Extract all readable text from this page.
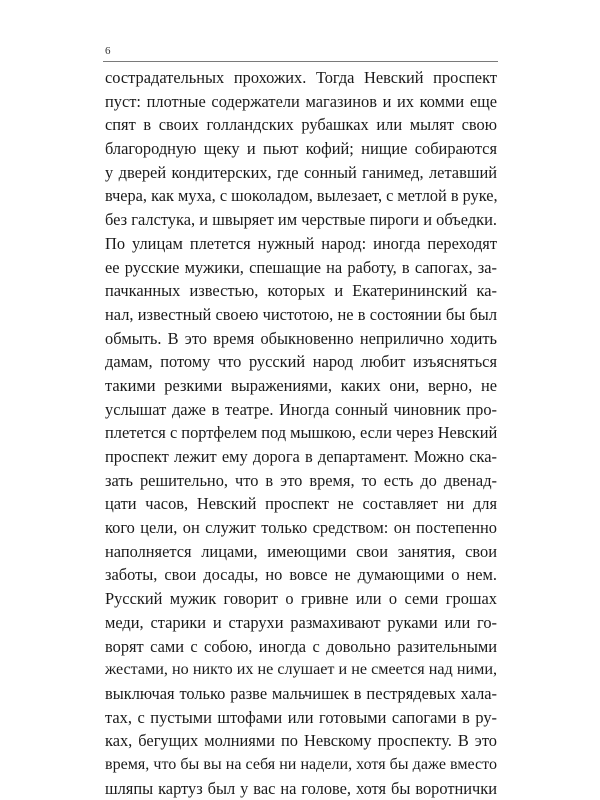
6
сострадательных прохожих. Тогда Невский проспект
пуст: плотные содержатели магазинов и их комми еще
спят в своих голландских рубашках или мылят свою
благородную щеку и пьют кофий; нищие собираются
у дверей кондитерских, где сонный ганимед, летавший
вчера, как муха, с шоколадом, вылезает, с метлой в руке,
без галстука, и швыряет им черствые пироги и объедки.
По улицам плетется нужный народ: иногда переходят
ее русские мужики, спешащие на работу, в сапогах, за-
пачканных известью, которых и Екатерининский ка-
нал, известный своею чистотою, не в состоянии бы был
обмыть. В это время обыкновенно неприлично ходить
дамам, потому что русский народ любит изъясняться
такими резкими выражениями, каких они, верно, не
услышат даже в театре. Иногда сонный чиновник про-
плетется с портфелем под мышкою, если через Невский
проспект лежит ему дорога в департамент. Можно ска-
зать решительно, что в это время, то есть до двенад-
цати часов, Невский проспект не составляет ни для
кого цели, он служит только средством: он постепенно
наполняется лицами, имеющими свои занятия, свои
заботы, свои досады, но вовсе не думающими о нем.
Русский мужик говорит о гривне или о семи грошах
меди, старики и старухи размахивают руками или го-
ворят сами с собою, иногда с довольно разительными
жестами, но никто их не слушает и не смеется над ними,
выключая только разве мальчишек в пестрядевых хала-
тах, с пустыми штофами или готовыми сапогами в ру-
ках, бегущих молниями по Невскому проспекту. В это
время, что бы вы на себя ни надели, хотя бы даже вместо
шляпы картуз был у вас на голове, хотя бы воротнички
